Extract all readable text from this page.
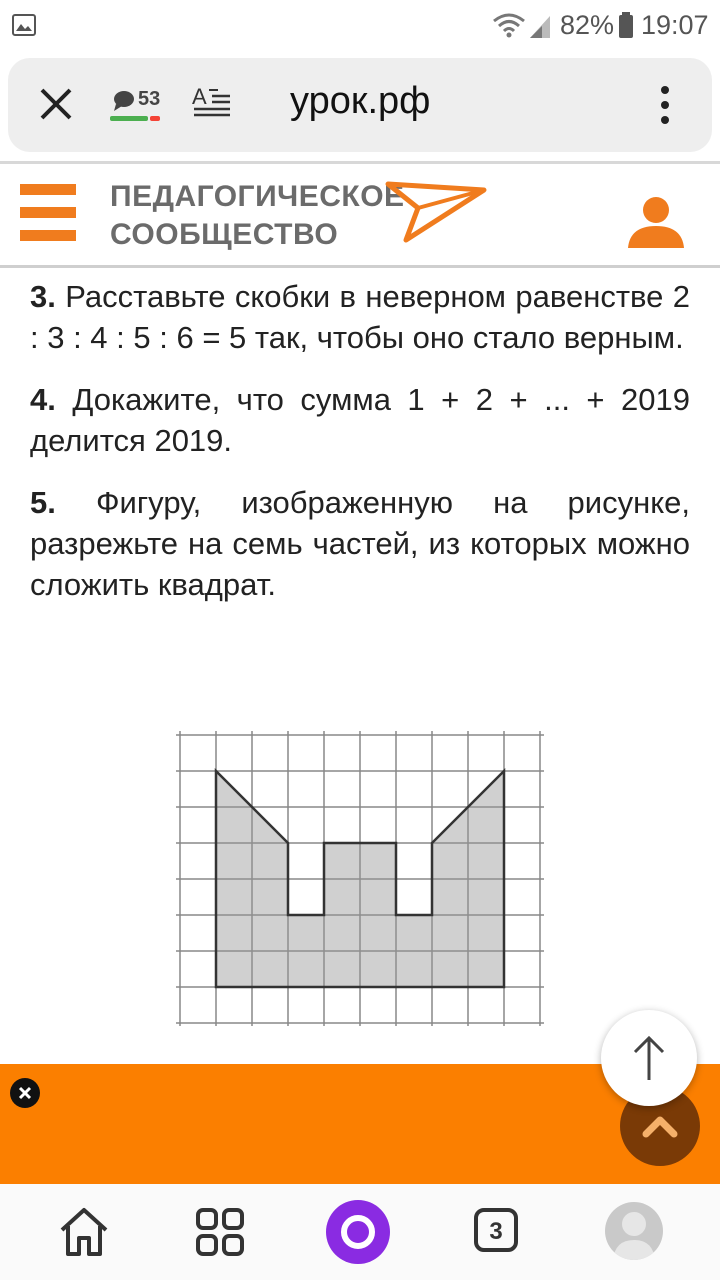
82% 19:07
53 A урок.рф
ПЕДАГОГИЧЕСКОЕ
СООБЩЕСТВО

3. Расставьте скобки в неверном равенстве 2 : 3 : 4 : 5 : 6 = 5 так, чтобы оно стало верным.

4. Докажите, что сумма 1 + 2 + ... + 2019 делится 2019.

5. Фигуру, изображенную на рисунке, разрежьте на семь частей, из которых можно сложить квадрат.

3
